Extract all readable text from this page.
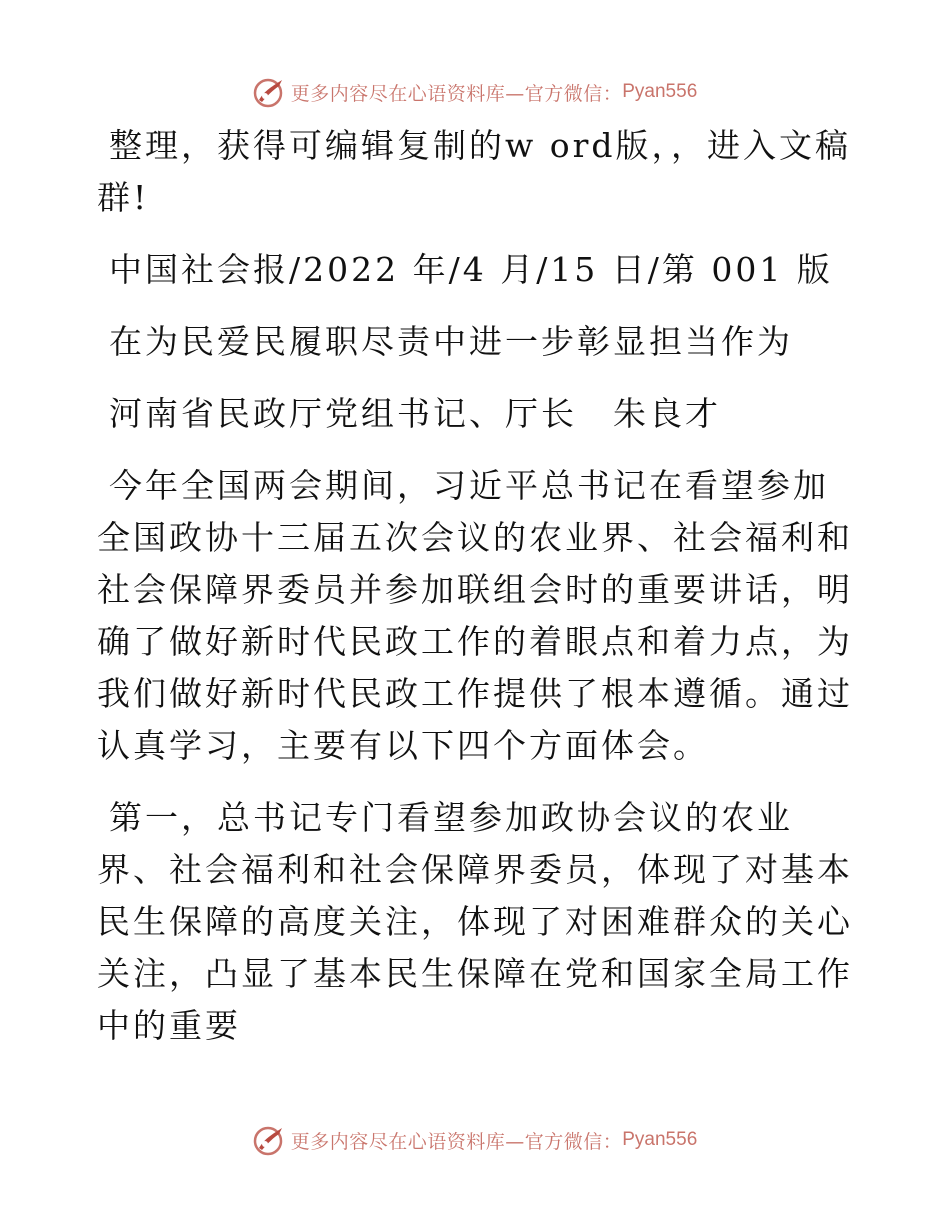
更多内容尽在心语资料库—官方微信： Pyan556

整理，获得可编辑复制的w ord版，，进入文稿群!

中国社会报/2022 年/4 月/15 日/第 001 版

在为民爱民履职尽责中进一步彰显担当作为

河南省民政厅党组书记、厅长　朱良才

今年全国两会期间，习近平总书记在看望参加全国政协十三届五次会议的农业界、社会福利和社会保障界委员并参加联组会时的重要讲话，明确了做好新时代民政工作的着眼点和着力点，为我们做好新时代民政工作提供了根本遵循。通过认真学习，主要有以下四个方面体会。

第一，总书记专门看望参加政协会议的农业界、社会福利和社会保障界委员，体现了对基本民生保障的高度关注，体现了对困难群众的关心关注，凸显了基本民生保障在党和国家全局工作中的重要

更多内容尽在心语资料库—官方微信： Pyan556
